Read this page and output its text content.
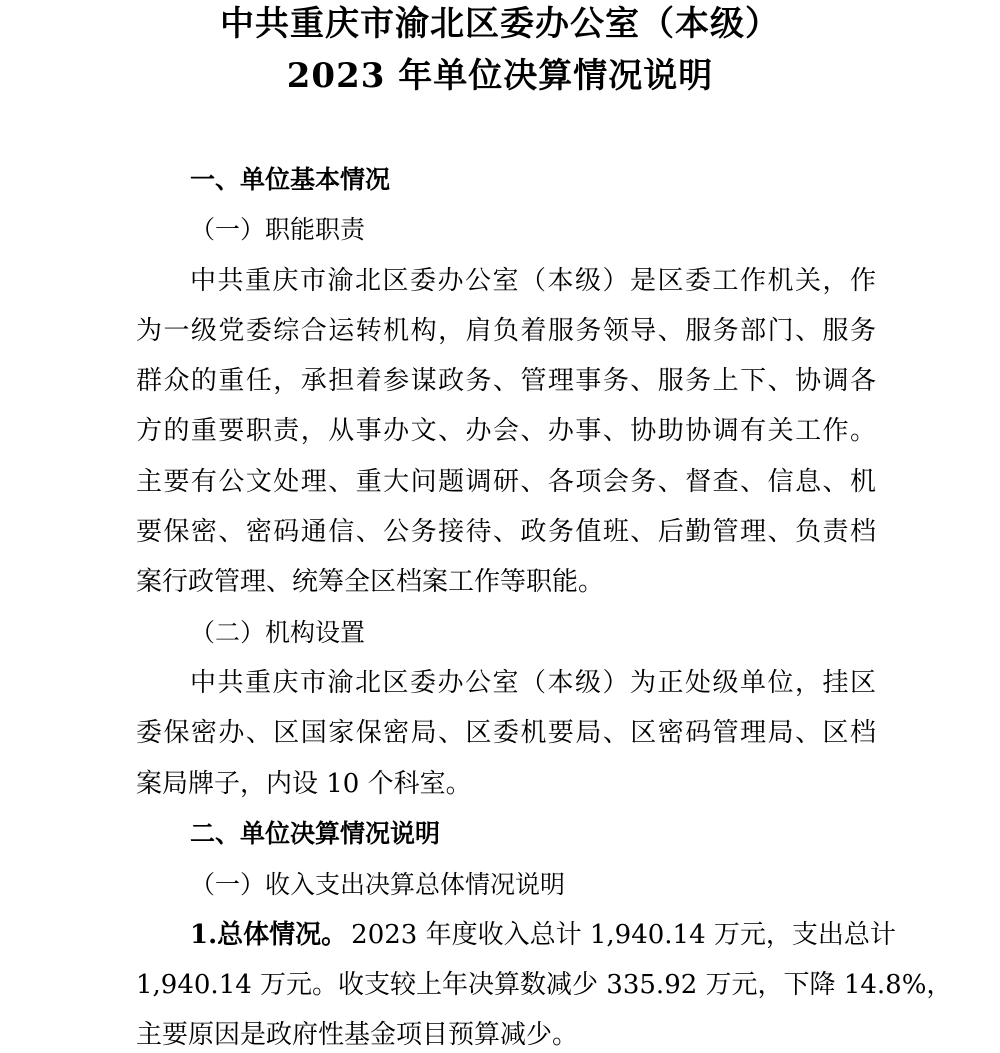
中共重庆市渝北区委办公室（本级）
2023 年单位决算情况说明
一、单位基本情况
（一）职能职责
中共重庆市渝北区委办公室（本级）是区委工作机关，作
为一级党委综合运转机构，肩负着服务领导、服务部门、服务
群众的重任，承担着参谋政务、管理事务、服务上下、协调各
方的重要职责，从事办文、办会、办事、协助协调有关工作。
主要有公文处理、重大问题调研、各项会务、督查、信息、机
要保密、密码通信、公务接待、政务值班、后勤管理、负责档
案行政管理、统筹全区档案工作等职能。
（二）机构设置
中共重庆市渝北区委办公室（本级）为正处级单位，挂区
委保密办、区国家保密局、区委机要局、区密码管理局、区档
案局牌子，内设 10 个科室。
二、单位决算情况说明
（一）收入支出决算总体情况说明
1.总体情况。 2023 年度收入总计 1,940.14 万元，支出总计
1,940.14 万元。收支较上年决算数减少 335.92 万元，下降 14.8%，
主要原因是政府性基金项目预算减少。
